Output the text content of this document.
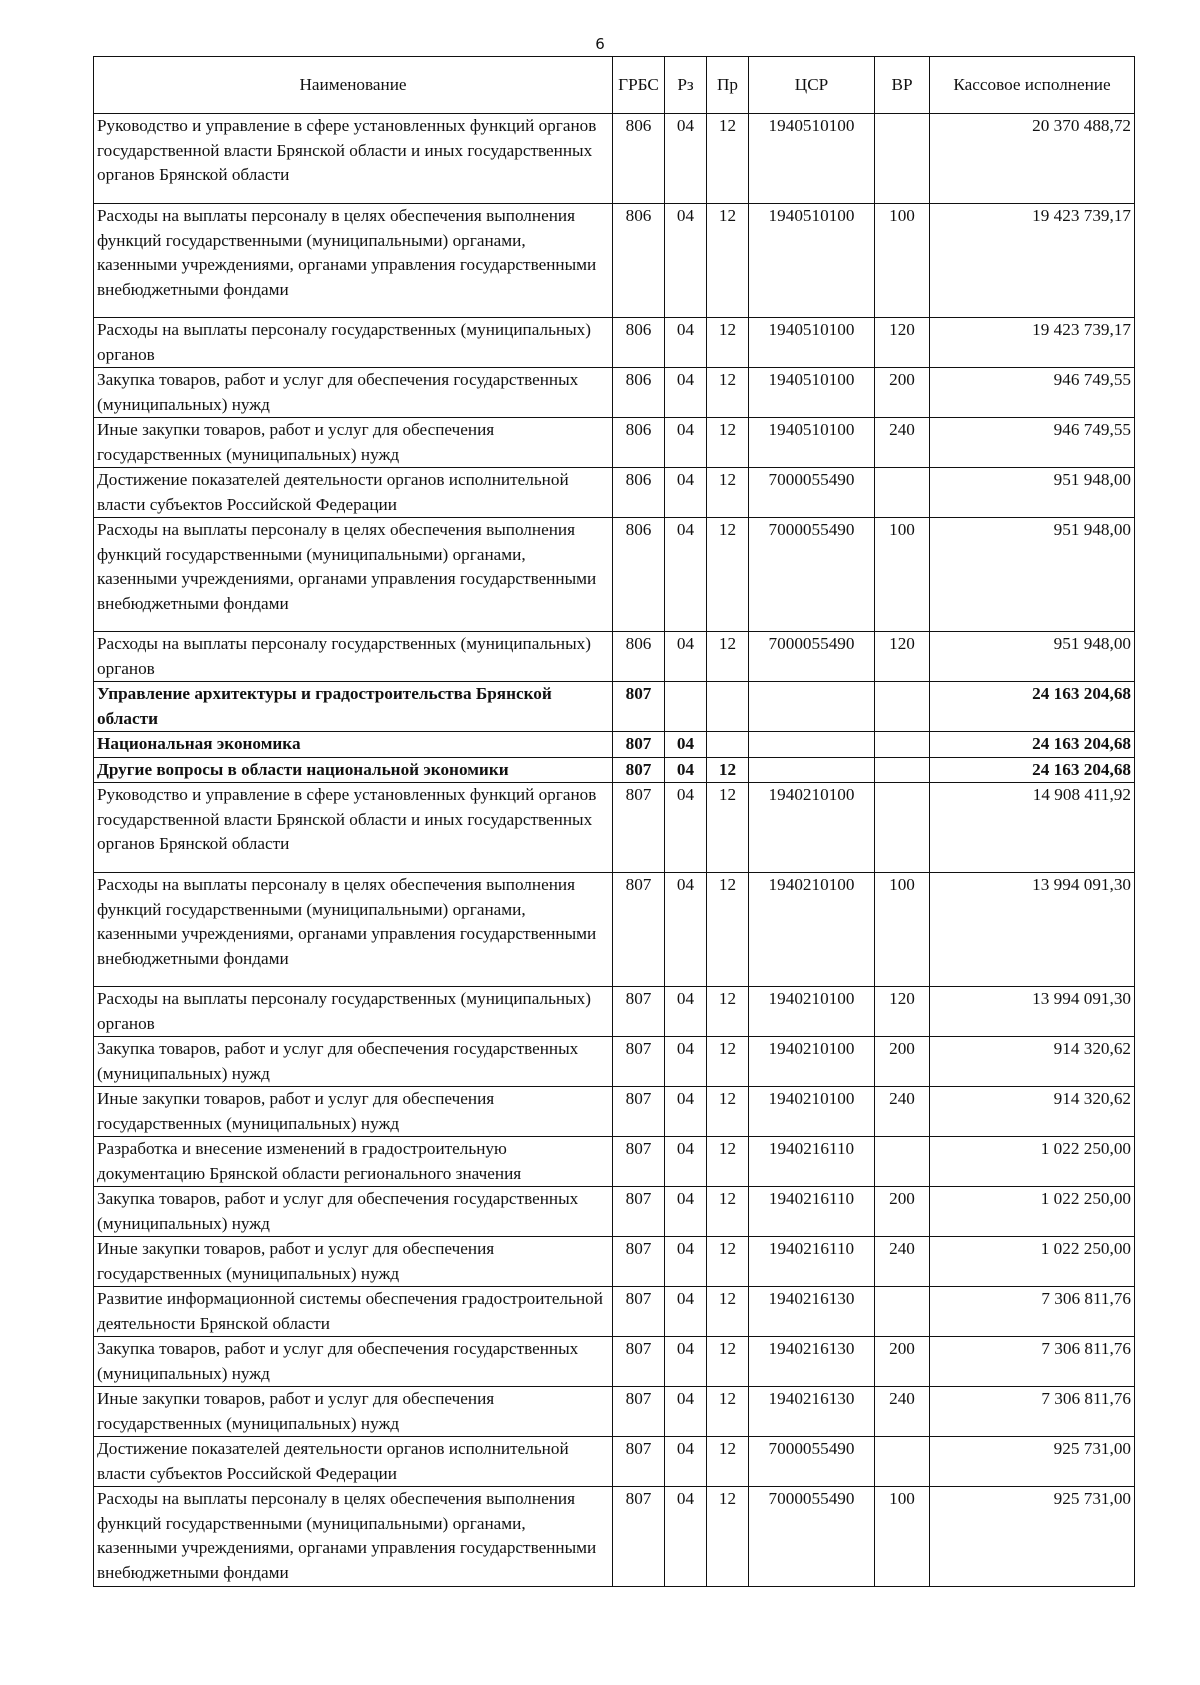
6
Наименование	ГРБС	Рз	Пр	ЦСР	ВР	Кассовое исполнение
Руководство и управление в сфере установленных функций органов государственной власти Брянской области и иных государственных органов Брянской области	806	04	12	1940510100		20 370 488,72
Расходы на выплаты персоналу в целях обеспечения выполнения функций государственными (муниципальными) органами, казенными учреждениями, органами управления государственными внебюджетными фондами	806	04	12	1940510100	100	19 423 739,17
Расходы на выплаты персоналу государственных (муниципальных) органов	806	04	12	1940510100	120	19 423 739,17
Закупка товаров, работ и услуг для обеспечения государственных (муниципальных) нужд	806	04	12	1940510100	200	946 749,55
Иные закупки товаров, работ и услуг для обеспечения государственных (муниципальных) нужд	806	04	12	1940510100	240	946 749,55
Достижение показателей деятельности органов исполнительной власти субъектов Российской Федерации	806	04	12	7000055490		951 948,00
Расходы на выплаты персоналу в целях обеспечения выполнения функций государственными (муниципальными) органами, казенными учреждениями, органами управления государственными внебюджетными фондами	806	04	12	7000055490	100	951 948,00
Расходы на выплаты персоналу государственных (муниципальных) органов	806	04	12	7000055490	120	951 948,00
Управление архитектуры и градостроительства Брянской области	807					24 163 204,68
Национальная экономика	807	04				24 163 204,68
Другие вопросы в области национальной экономики	807	04	12			24 163 204,68
Руководство и управление в сфере установленных функций органов государственной власти Брянской области и иных государственных органов Брянской области	807	04	12	1940210100		14 908 411,92
Расходы на выплаты персоналу в целях обеспечения выполнения функций государственными (муниципальными) органами, казенными учреждениями, органами управления государственными внебюджетными фондами	807	04	12	1940210100	100	13 994 091,30
Расходы на выплаты персоналу государственных (муниципальных) органов	807	04	12	1940210100	120	13 994 091,30
Закупка товаров, работ и услуг для обеспечения государственных (муниципальных) нужд	807	04	12	1940210100	200	914 320,62
Иные закупки товаров, работ и услуг для обеспечения государственных (муниципальных) нужд	807	04	12	1940210100	240	914 320,62
Разработка и внесение изменений в градостроительную документацию Брянской области регионального значения	807	04	12	1940216110		1 022 250,00
Закупка товаров, работ и услуг для обеспечения государственных (муниципальных) нужд	807	04	12	1940216110	200	1 022 250,00
Иные закупки товаров, работ и услуг для обеспечения государственных (муниципальных) нужд	807	04	12	1940216110	240	1 022 250,00
Развитие информационной системы обеспечения градостроительной деятельности Брянской области	807	04	12	1940216130		7 306 811,76
Закупка товаров, работ и услуг для обеспечения государственных (муниципальных) нужд	807	04	12	1940216130	200	7 306 811,76
Иные закупки товаров, работ и услуг для обеспечения государственных (муниципальных) нужд	807	04	12	1940216130	240	7 306 811,76
Достижение показателей деятельности органов исполнительной власти субъектов Российской Федерации	807	04	12	7000055490		925 731,00
Расходы на выплаты персоналу в целях обеспечения выполнения функций государственными (муниципальными) органами, казенными учреждениями, органами управления государственными внебюджетными фондами	807	04	12	7000055490	100	925 731,00
